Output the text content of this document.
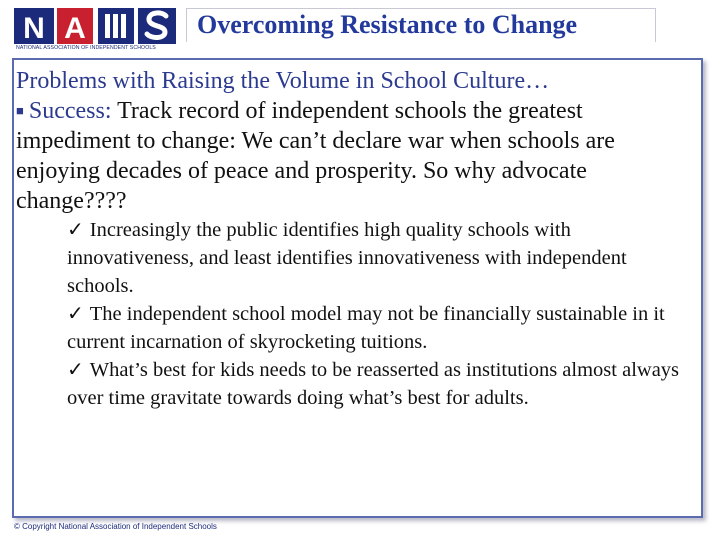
N A
NATIONAL ASSOCIATION OF INDEPENDENT SCHOOLS
Overcoming Resistance to Change

Problems with Raising the Volume in School Culture…

■ Success: Track record of independent schools the greatest impediment to change: We can’t declare war when schools are enjoying decades of peace and prosperity. So why advocate change????

✓ Increasingly the public identifies high quality schools with innovativeness, and least identifies innovativeness with independent schools.
✓ The independent school model may not be financially sustainable in it current incarnation of skyrocketing tuitions.
✓ What’s best for kids needs to be reasserted as institutions almost always over time gravitate towards doing what’s best for adults.
© Copyright National Association of Independent Schools
